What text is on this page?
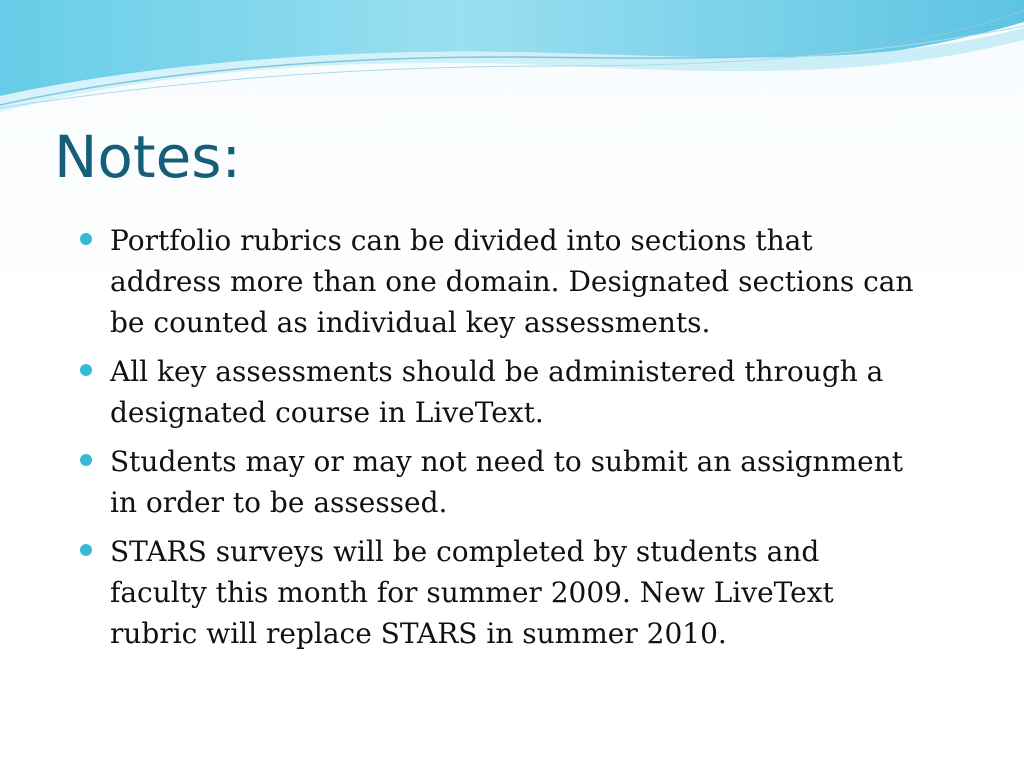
Notes:
Portfolio rubrics can be divided into sections that address more than one domain. Designated sections can be counted as individual key assessments.
All key assessments should be administered through a designated course in LiveText.
Students may or may not need to submit an assignment in order to be assessed.
STARS surveys will be completed by students and faculty this month for summer 2009. New LiveText rubric will replace STARS in summer 2010.
